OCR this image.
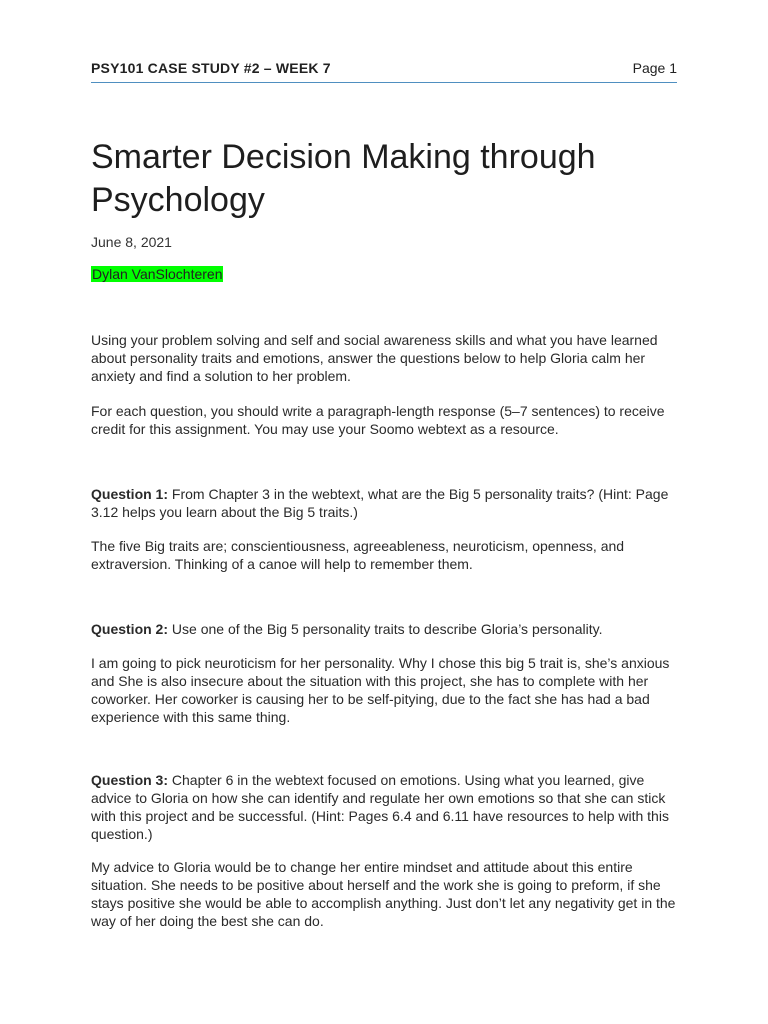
PSY101 CASE STUDY #2 – WEEK 7	Page 1
Smarter Decision Making through Psychology
June 8, 2021
Dylan VanSlochteren

Using your problem solving and self and social awareness skills and what you have learned about personality traits and emotions, answer the questions below to help Gloria calm her anxiety and find a solution to her problem.

For each question, you should write a paragraph-length response (5–7 sentences) to receive credit for this assignment. You may use your Soomo webtext as a resource.

Question 1: From Chapter 3 in the webtext, what are the Big 5 personality traits? (Hint: Page 3.12 helps you learn about the Big 5 traits.)

The five Big traits are; conscientiousness, agreeableness, neuroticism, openness, and extraversion. Thinking of a canoe will help to remember them.

Question 2: Use one of the Big 5 personality traits to describe Gloria’s personality.

I am going to pick neuroticism for her personality. Why I chose this big 5 trait is, she’s anxious and She is also insecure about the situation with this project, she has to complete with her coworker. Her coworker is causing her to be self-pitying, due to the fact she has had a bad experience with this same thing.

Question 3: Chapter 6 in the webtext focused on emotions. Using what you learned, give advice to Gloria on how she can identify and regulate her own emotions so that she can stick with this project and be successful. (Hint: Pages 6.4 and 6.11 have resources to help with this question.)

My advice to Gloria would be to change her entire mindset and attitude about this entire situation. She needs to be positive about herself and the work she is going to preform, if she stays positive she would be able to accomplish anything. Just don’t let any negativity get in the way of her doing the best she can do.
